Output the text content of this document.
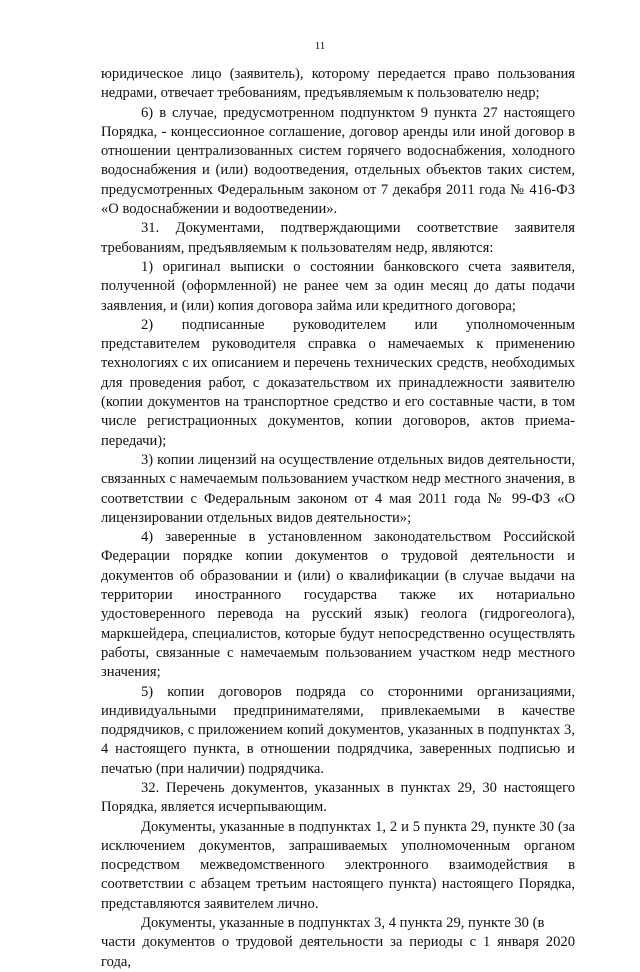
11

юридическое лицо (заявитель), которому передается право пользования недрами, отвечает требованиям, предъявляемым к пользователю недр;

6) в случае, предусмотренном подпунктом 9 пункта 27 настоящего Порядка, - концессионное соглашение, договор аренды или иной договор в отношении централизованных систем горячего водоснабжения, холодного водоснабжения и (или) водоотведения, отдельных объектов таких систем, предусмотренных Федеральным законом от 7 декабря 2011 года № 416-ФЗ «О водоснабжении и водоотведении».

31. Документами, подтверждающими соответствие заявителя требованиям, предъявляемым к пользователям недр, являются:

1) оригинал выписки о состоянии банковского счета заявителя, полученной (оформленной) не ранее чем за один месяц до даты подачи заявления, и (или) копия договора займа или кредитного договора;

2) подписанные руководителем или уполномоченным представителем руководителя справка о намечаемых к применению технологиях с их описанием и перечень технических средств, необходимых для проведения работ, с доказательством их принадлежности заявителю (копии документов на транспортное средство и его составные части, в том числе регистрационных документов, копии договоров, актов приема-передачи);

3) копии лицензий на осуществление отдельных видов деятельности, связанных с намечаемым пользованием участком недр местного значения, в соответствии с Федеральным законом от 4 мая 2011 года № 99-ФЗ «О лицензировании отдельных видов деятельности»;

4) заверенные в установленном законодательством Российской Федерации порядке копии документов о трудовой деятельности и документов об образовании и (или) о квалификации (в случае выдачи на территории иностранного государства также их нотариально удостоверенного перевода на русский язык) геолога (гидрогеолога), маркшейдера, специалистов, которые будут непосредственно осуществлять работы, связанные с намечаемым пользованием участком недр местного значения;

5) копии договоров подряда со сторонними организациями, индивидуальными предпринимателями, привлекаемыми в качестве подрядчиков, с приложением копий документов, указанных в подпунктах 3, 4 настоящего пункта, в отношении подрядчика, заверенных подписью и печатью (при наличии) подрядчика.

32. Перечень документов, указанных в пунктах 29, 30 настоящего Порядка, является исчерпывающим.

Документы, указанные в подпунктах 1, 2 и 5 пункта 29, пункте 30 (за исключением документов, запрашиваемых уполномоченным органом посредством межведомственного электронного взаимодействия в соответствии с абзацем третьим настоящего пункта) настоящего Порядка, представляются заявителем лично.

Документы, указанные в подпунктах 3, 4 пункта 29, пункте 30 (в

части документов о трудовой деятельности за периоды с 1 января 2020 года,
